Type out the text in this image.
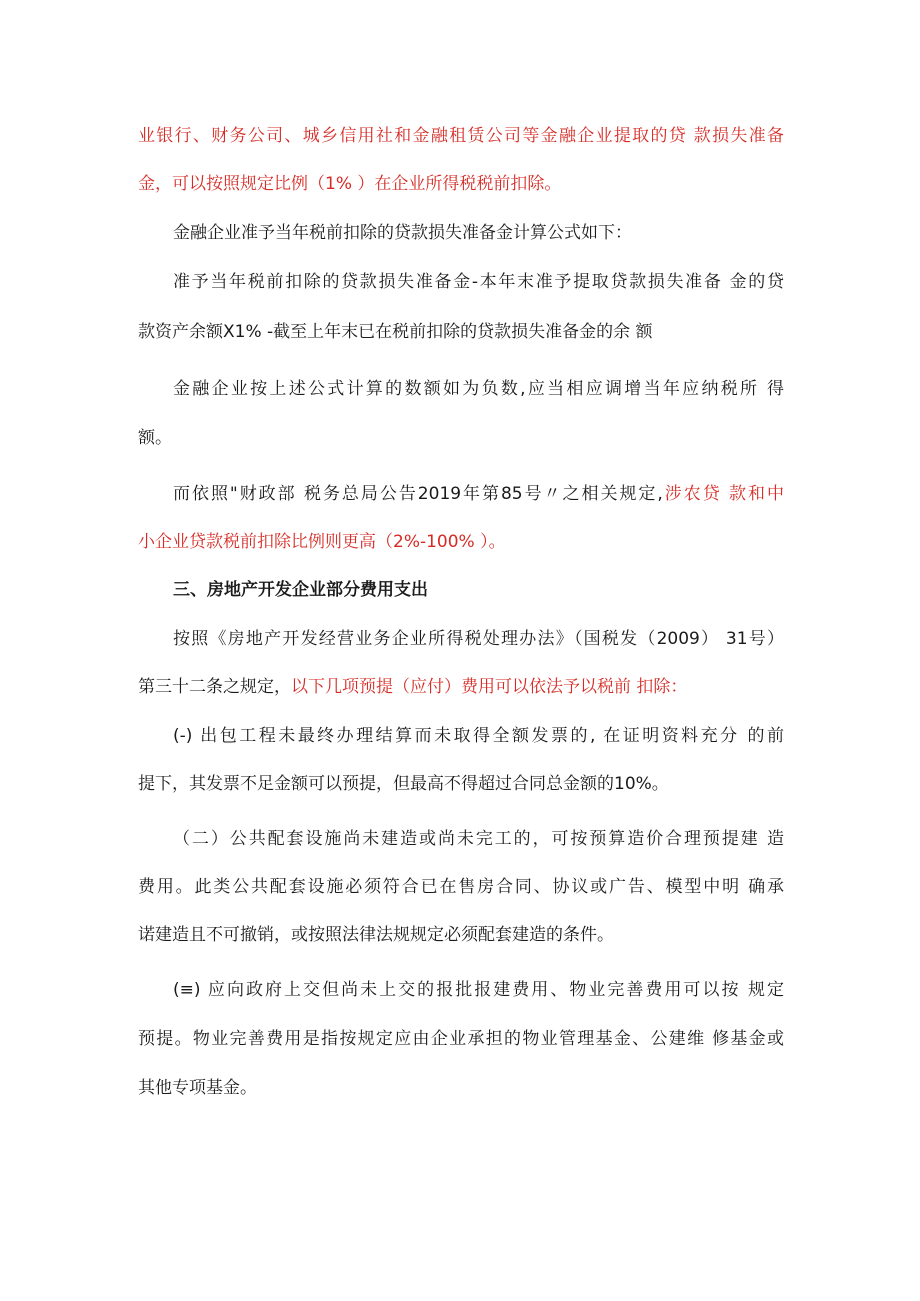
业银行、财务公司、城乡信用社和金融租赁公司等金融企业提取的贷 款损失准备
金，可以按照规定比例（1% ）在企业所得税税前扣除。
金融企业准予当年税前扣除的贷款损失准备金计算公式如下：
准予当年税前扣除的贷款损失准备金-本年末准予提取贷款损失准备 金的贷
款资产余额X1% -截至上年末已在税前扣除的贷款损失准备金的余 额
金融企业按上述公式计算的数额如为负数,应当相应调增当年应纳税所 得
额。
而依照"财政部 税务总局公告2019年第85号〃之相关规定,涉农贷 款和中
小企业贷款税前扣除比例则更高（2%-100% ）。
三、房地产开发企业部分费用支出
按照《房地产开发经营业务企业所得税处理办法》（国税发（2009） 31号）
第三十二条之规定，以下几项预提（应付）费用可以依法予以税前 扣除：
(-) 出包工程未最终办理结算而未取得全额发票的, 在证明资料充分 的前
提下，其发票不足金额可以预提，但最高不得超过合同总金额的10%。
（二）公共配套设施尚未建造或尚未完工的，可按预算造价合理预提建 造
费用。此类公共配套设施必须符合已在售房合同、协议或广告、模型中明 确承
诺建造且不可撤销，或按照法律法规规定必须配套建造的条件。
(≡) 应向政府上交但尚未上交的报批报建费用、物业完善费用可以按 规定
预提。物业完善费用是指按规定应由企业承担的物业管理基金、公建维 修基金或
其他专项基金。
